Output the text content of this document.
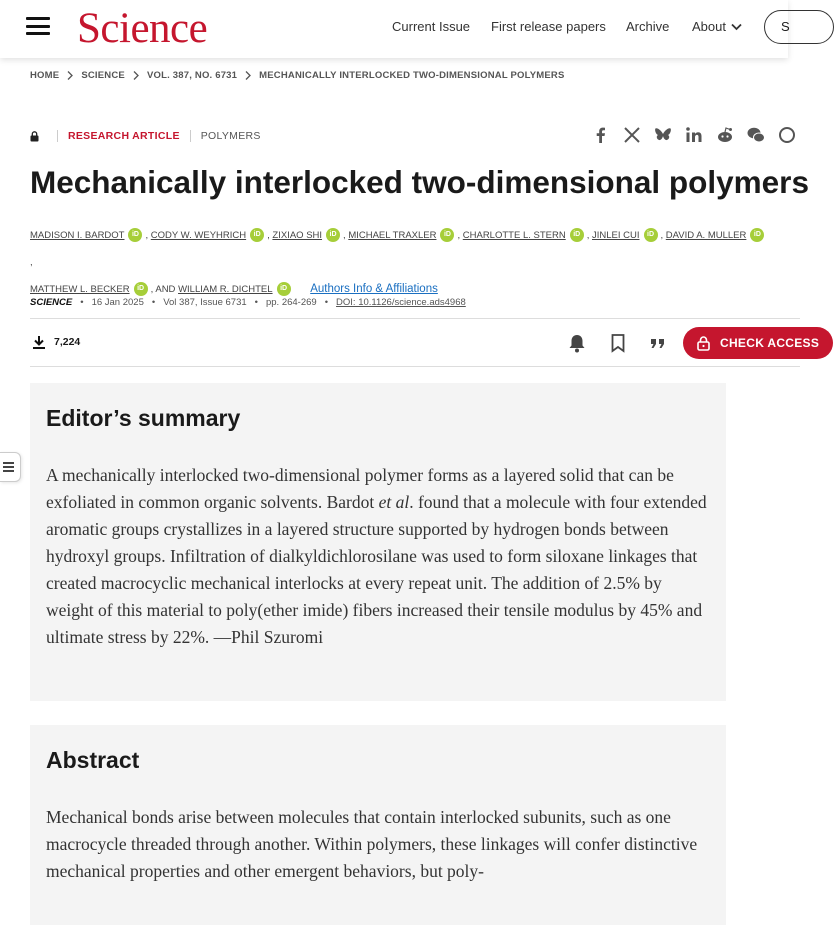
Science	Current Issue First release papers Archive About	S
HOME SCIENCE VOL. 387, NO. 6731 MECHANICALLY INTERLOCKED TWO-DIMENSIONAL POLYMERS
RESEARCH ARTICLE POLYMERS
Mechanically interlocked two-dimensional polymers
MADISON I. BARDOT iD , CODY W. WEYHRICH iD , ZIXIAO SHI iD , MICHAEL TRAXLER iD , CHARLOTTE L. STERN iD , JINLEI CUI iD , DAVID A. MULLER iD,
MATTHEW L. BECKER iD , AND WILLIAM R. DICHTEL iD Authors Info & Affiliations
SCIENCE • 16 Jan 2025 • Vol 387, Issue 6731 • pp. 264-269 • DOI: 10.1126/science.ads4968
7,224	CHECK ACCESS
Editor’s summary

A mechanically interlocked two-dimensional polymer forms as a layered solid that can be exfoliated in common organic solvents. Bardot et al. found that a molecule with four extended aromatic groups crystallizes in a layered structure supported by hydrogen bonds between hydroxyl groups. Infiltration of dialkyldichlorosilane was used to form siloxane linkages that created macrocyclic mechanical interlocks at every repeat unit. The addition of 2.5% by weight of this material to poly(ether imide) fibers increased their tensile modulus by 45% and ultimate stress by 22%. —Phil Szuromi

Abstract

Mechanical bonds arise between molecules that contain interlocked subunits, such as one macrocycle threaded through another. Within polymers, these linkages will confer distinctive mechanical properties and other emergent behaviors, but poly-
